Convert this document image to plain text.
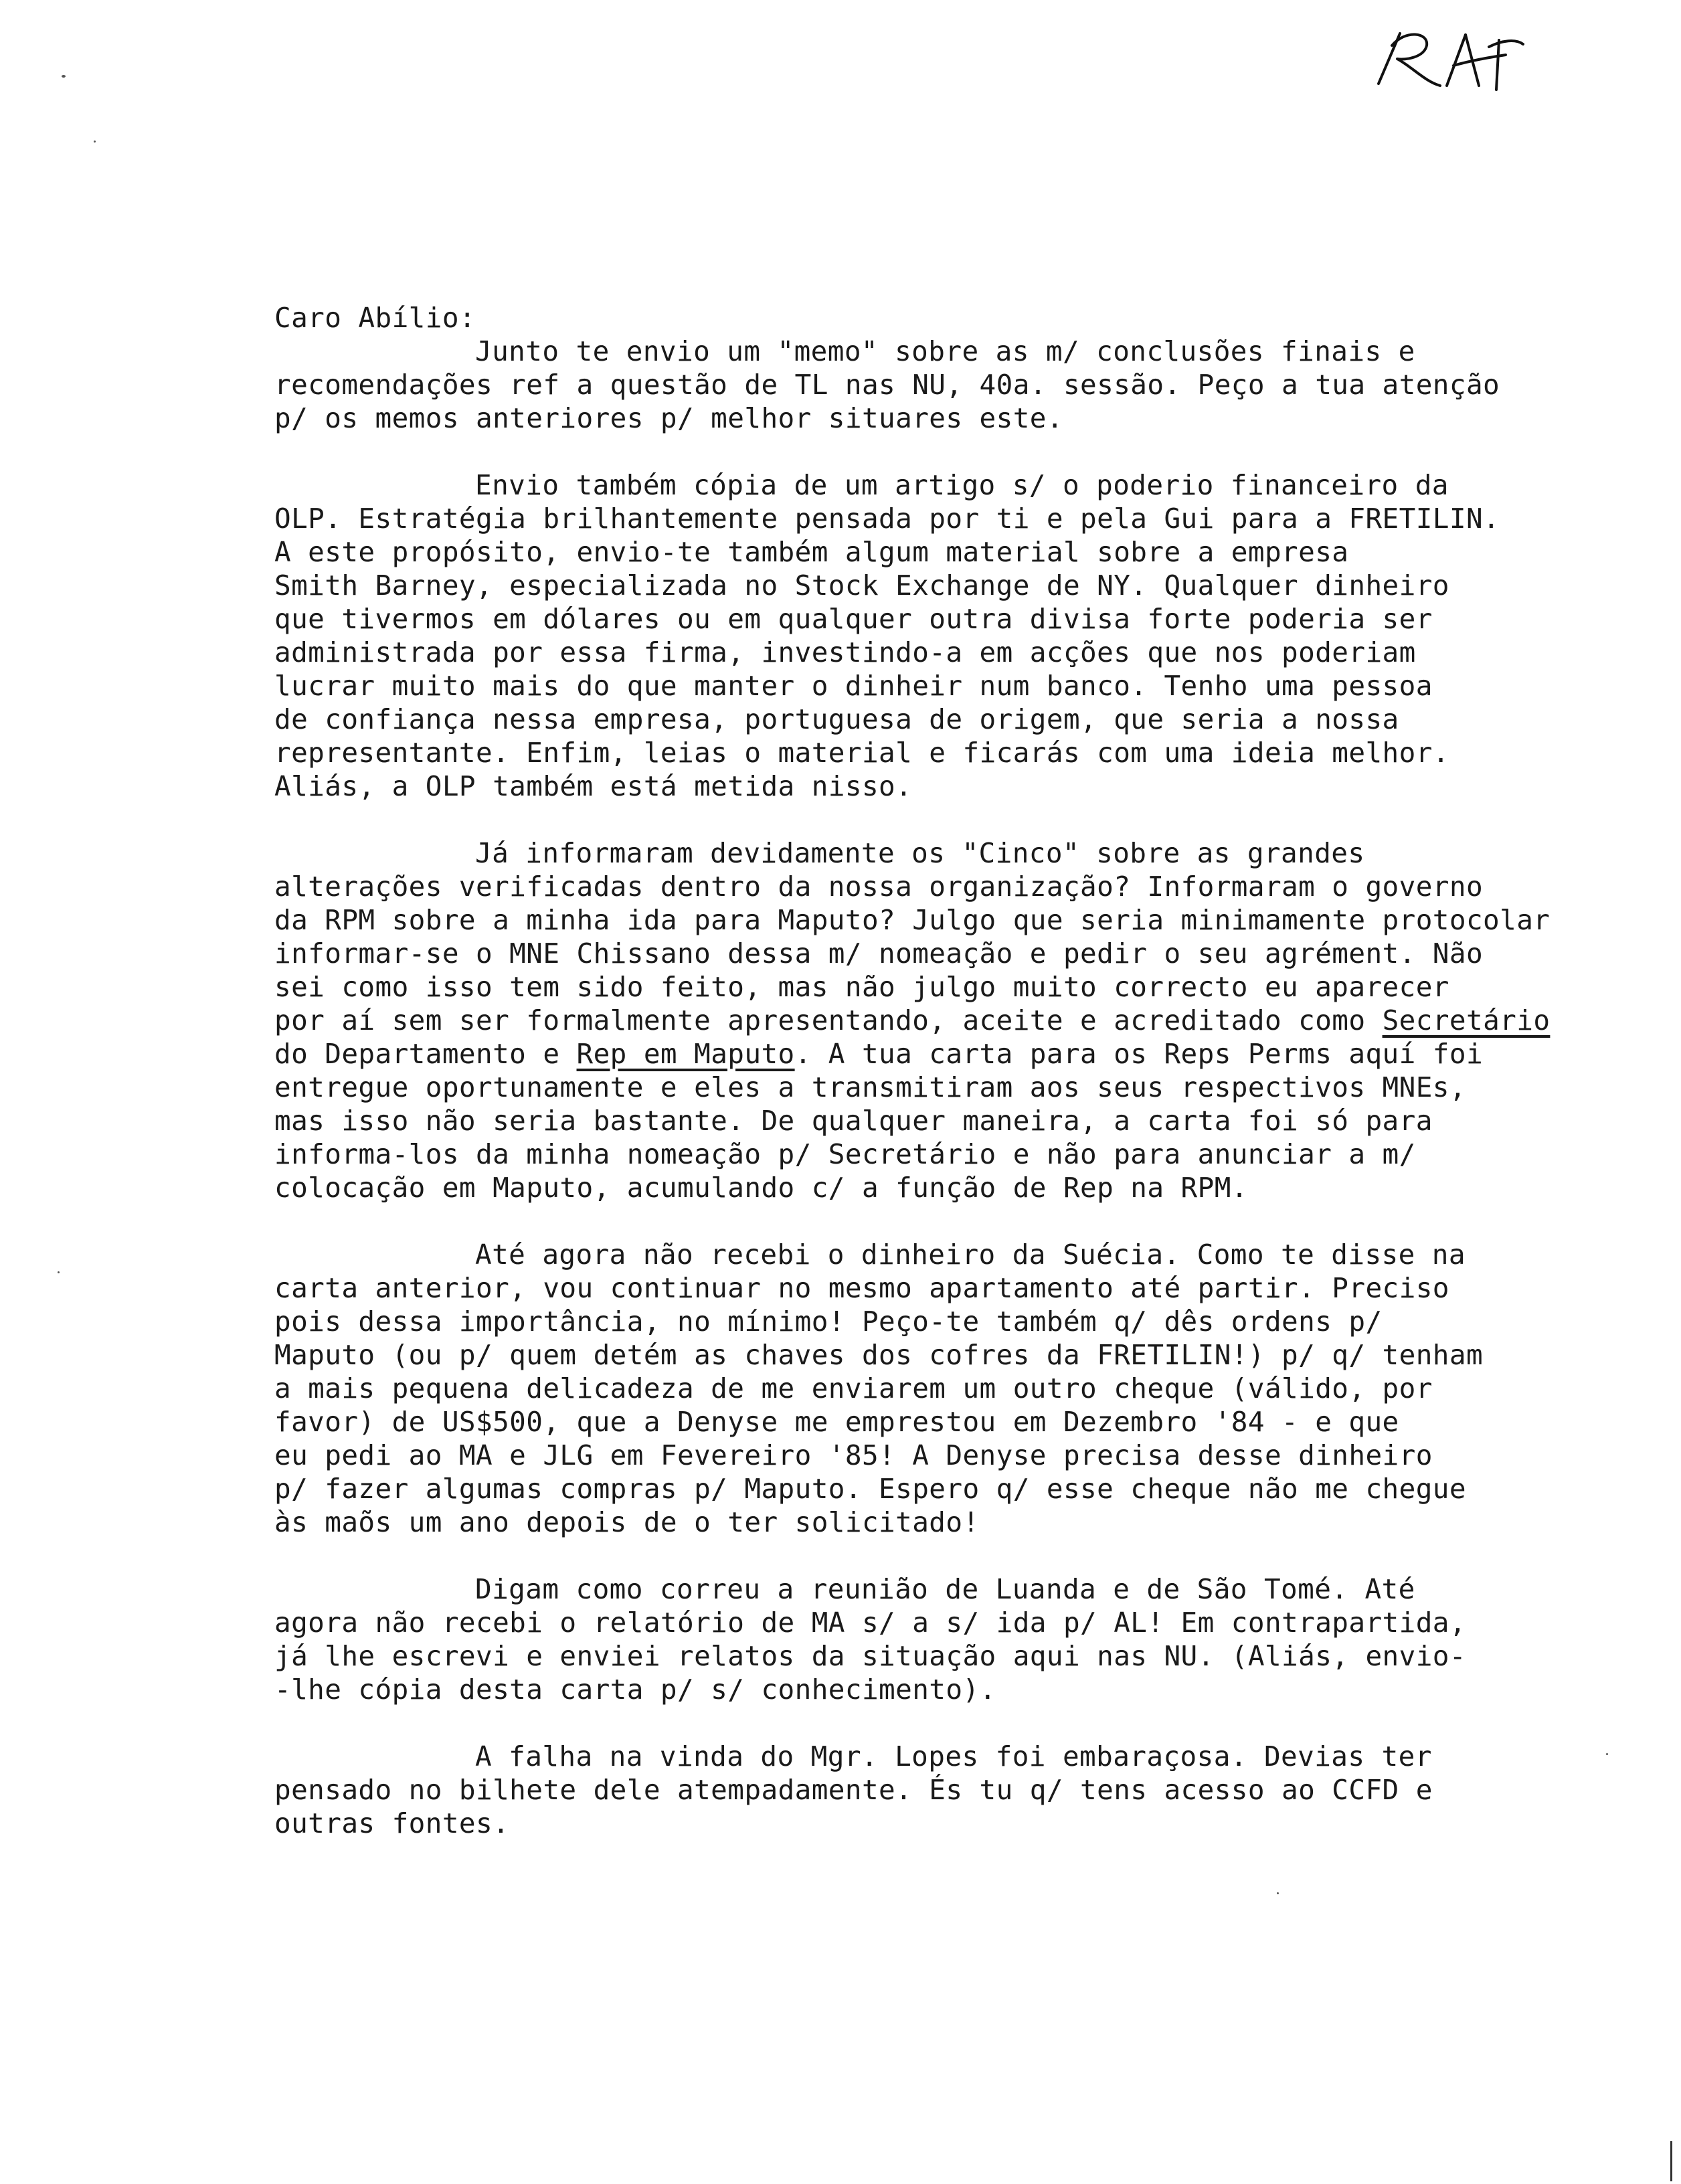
Caro Abílio:
Junto te envio um "memo" sobre as m/ conclusões finais e
recomendações ref a questão de TL nas NU, 40a. sessão. Peço a tua atenção
p/ os memos anteriores p/ melhor situares este.
Envio também cópia de um artigo s/ o poderio financeiro da
OLP. Estratégia brilhantemente pensada por ti e pela Gui para a FRETILIN.
A este propósito, envio-te também algum material sobre a empresa
Smith Barney, especializada no Stock Exchange de NY. Qualquer dinheiro
que tivermos em dólares ou em qualquer outra divisa forte poderia ser
administrada por essa firma, investindo-a em acções que nos poderiam
lucrar muito mais do que manter o dinheir num banco. Tenho uma pessoa
de confiança nessa empresa, portuguesa de origem, que seria a nossa
representante. Enfim, leias o material e ficarás com uma ideia melhor.
Aliás, a OLP também está metida nisso.
Já informaram devidamente os "Cinco" sobre as grandes
alterações verificadas dentro da nossa organização? Informaram o governo
da RPM sobre a minha ida para Maputo? Julgo que seria minimamente protocolar
informar-se o MNE Chissano dessa m/ nomeação e pedir o seu agrément. Não
sei como isso tem sido feito, mas não julgo muito correcto eu aparecer
por aí sem ser formalmente apresentando, aceite e acreditado como Secretário
do Departamento e Rep em Maputo. A tua carta para os Reps Perms aquí foi
entregue oportunamente e eles a transmitiram aos seus respectivos MNEs,
mas isso não seria bastante. De qualquer maneira, a carta foi só para
informa-los da minha nomeação p/ Secretário e não para anunciar a m/
colocação em Maputo, acumulando c/ a função de Rep na RPM.
Até agora não recebi o dinheiro da Suécia. Como te disse na
carta anterior, vou continuar no mesmo apartamento até partir. Preciso
pois dessa importância, no mínimo! Peço-te também q/ dês ordens p/
Maputo (ou p/ quem detém as chaves dos cofres da FRETILIN!) p/ q/ tenham
a mais pequena delicadeza de me enviarem um outro cheque (válido, por
favor) de US$500, que a Denyse me emprestou em Dezembro '84 - e que
eu pedi ao MA e JLG em Fevereiro '85! A Denyse precisa desse dinheiro
p/ fazer algumas compras p/ Maputo. Espero q/ esse cheque não me chegue
às maõs um ano depois de o ter solicitado!
Digam como correu a reunião de Luanda e de São Tomé. Até
agora não recebi o relatório de MA s/ a s/ ida p/ AL! Em contrapartida,
já lhe escrevi e enviei relatos da situação aqui nas NU. (Aliás, envio-
-lhe cópia desta carta p/ s/ conhecimento).
A falha na vinda do Mgr. Lopes foi embaraçosa. Devias ter
pensado no bilhete dele atempadamente. És tu q/ tens acesso ao CCFD e
outras fontes.
